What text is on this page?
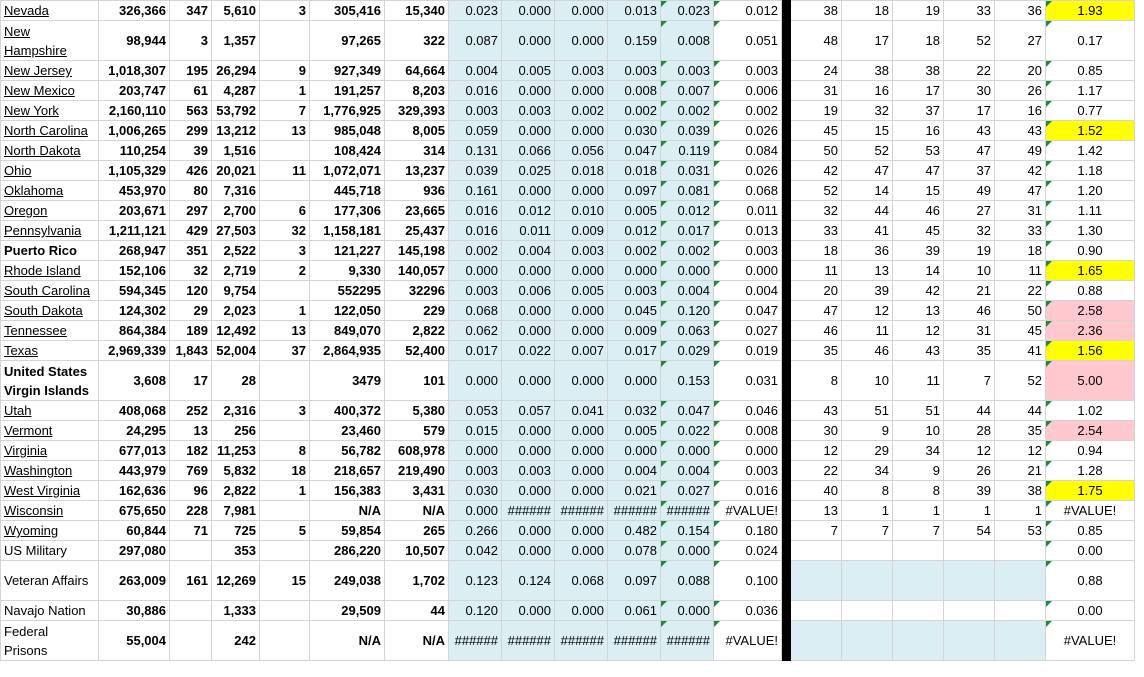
Nevada	326,366	347	5,610	3	305,416	15,340	0.023	0.000	0.000	0.013	0.023	0.012		38	18	19	33	36	1.93
New Hampshire	98,944	3	1,357		97,265	322	0.087	0.000	0.000	0.159	0.008	0.051		48	17	18	52	27	0.17
New Jersey	1,018,307	195	26,294	9	927,349	64,664	0.004	0.005	0.003	0.003	0.003	0.003		24	38	38	22	20	0.85
New Mexico	203,747	61	4,287	1	191,257	8,203	0.016	0.000	0.000	0.008	0.007	0.006		31	16	17	30	26	1.17
New York	2,160,110	563	53,792	7	1,776,925	329,393	0.003	0.003	0.002	0.002	0.002	0.002		19	32	37	17	16	0.77
North Carolina	1,006,265	299	13,212	13	985,048	8,005	0.059	0.000	0.000	0.030	0.039	0.026		45	15	16	43	43	1.52
North Dakota	110,254	39	1,516		108,424	314	0.131	0.066	0.056	0.047	0.119	0.084		50	52	53	47	49	1.42
Ohio	1,105,329	426	20,021	11	1,072,071	13,237	0.039	0.025	0.018	0.018	0.031	0.026		42	47	47	37	42	1.18
Oklahoma	453,970	80	7,316		445,718	936	0.161	0.000	0.000	0.097	0.081	0.068		52	14	15	49	47	1.20
Oregon	203,671	297	2,700	6	177,306	23,665	0.016	0.012	0.010	0.005	0.012	0.011		32	44	46	27	31	1.11
Pennsylvania	1,211,121	429	27,503	32	1,158,181	25,437	0.016	0.011	0.009	0.012	0.017	0.013		33	41	45	32	33	1.30
Puerto Rico	268,947	351	2,522	3	121,227	145,198	0.002	0.004	0.003	0.002	0.002	0.003		18	36	39	19	18	0.90
Rhode Island	152,106	32	2,719	2	9,330	140,057	0.000	0.000	0.000	0.000	0.000	0.000		11	13	14	10	11	1.65
South Carolina	594,345	120	9,754		552295	32296	0.003	0.006	0.005	0.003	0.004	0.004		20	39	42	21	22	0.88
South Dakota	124,302	29	2,023	1	122,050	229	0.068	0.000	0.000	0.045	0.120	0.047		47	12	13	46	50	2.58
Tennessee	864,384	189	12,492	13	849,070	2,822	0.062	0.000	0.000	0.009	0.063	0.027		46	11	12	31	45	2.36
Texas	2,969,339	1,843	52,004	37	2,864,935	52,400	0.017	0.022	0.007	0.017	0.029	0.019		35	46	43	35	41	1.56
United States Virgin Islands	3,608	17	28		3479	101	0.000	0.000	0.000	0.000	0.153	0.031		8	10	11	7	52	5.00
Utah	408,068	252	2,316	3	400,372	5,380	0.053	0.057	0.041	0.032	0.047	0.046		43	51	51	44	44	1.02
Vermont	24,295	13	256		23,460	579	0.015	0.000	0.000	0.005	0.022	0.008		30	9	10	28	35	2.54
Virginia	677,013	182	11,253	8	56,782	608,978	0.000	0.000	0.000	0.000	0.000	0.000		12	29	34	12	12	0.94
Washington	443,979	769	5,832	18	218,657	219,490	0.003	0.003	0.000	0.004	0.004	0.003		22	34	9	26	21	1.28
West Virginia	162,636	96	2,822	1	156,383	3,431	0.030	0.000	0.000	0.021	0.027	0.016		40	8	8	39	38	1.75
Wisconsin	675,650	228	7,981		N/A	N/A	0.000	######	######	######	######	#VALUE!		13	1	1	1	1	#VALUE!
Wyoming	60,844	71	725	5	59,854	265	0.266	0.000	0.000	0.482	0.154	0.180		7	7	7	54	53	0.85
US Military	297,080		353		286,220	10,507	0.042	0.000	0.000	0.078	0.000	0.024							0.00
Veteran Affairs	263,009	161	12,269	15	249,038	1,702	0.123	0.124	0.068	0.097	0.088	0.100							0.88
Navajo Nation	30,886		1,333		29,509	44	0.120	0.000	0.000	0.061	0.000	0.036							0.00
Federal Prisons	55,004		242		N/A	N/A	######	######	######	######	######	#VALUE!							#VALUE!
